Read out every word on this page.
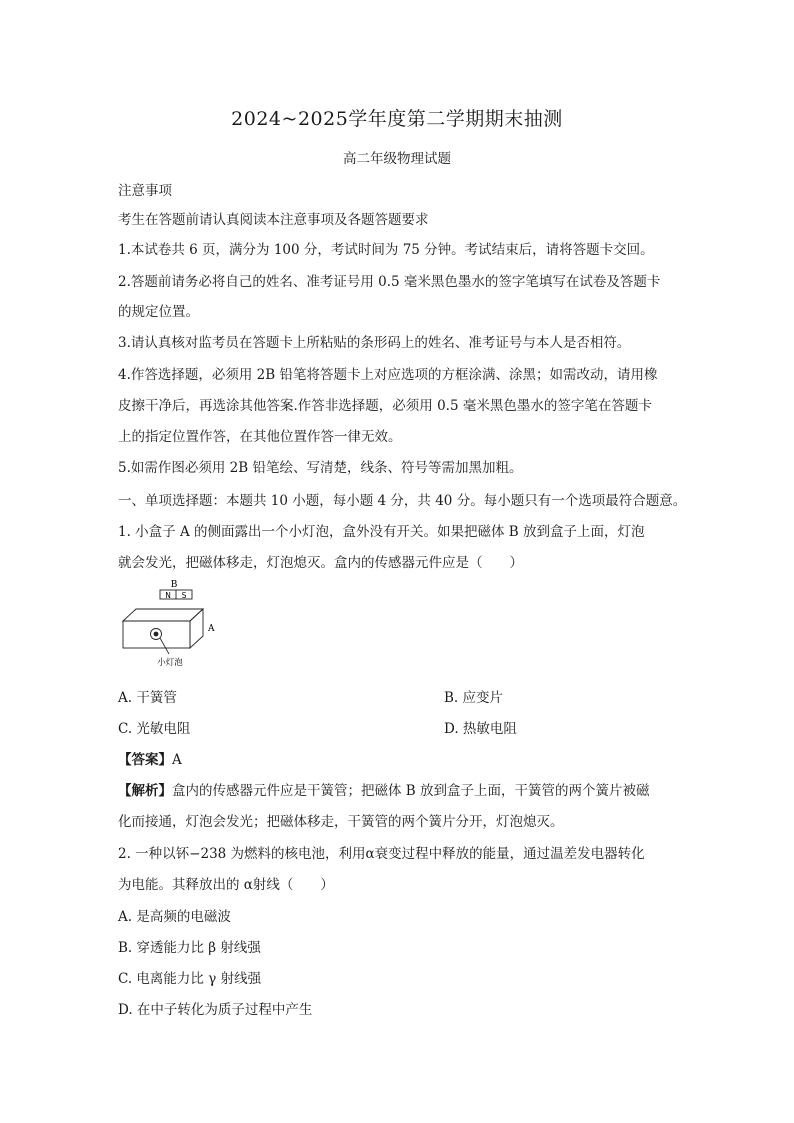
2024~2025学年度第二学期期末抽测
高二年级物理试题
注意事项
考生在答题前请认真阅读本注意事项及各题答题要求
1.本试卷共 6 页，满分为 100 分，考试时间为 75 分钟。考试结束后，请将答题卡交回。
2.答题前请务必将自己的姓名、准考证号用 0.5 毫米黑色墨水的签字笔填写在试卷及答题卡
的规定位置。
3.请认真核对监考员在答题卡上所粘贴的条形码上的姓名、准考证号与本人是否相符。
4.作答选择题，必须用 2B 铅笔将答题卡上对应选项的方框涂满、涂黑；如需改动，请用橡
皮擦干净后，再选涂其他答案.作答非选择题，必须用 0.5 毫米黑色墨水的签字笔在答题卡
上的指定位置作答，在其他位置作答一律无效。
5.如需作图必须用 2B 铅笔绘、写清楚，线条、符号等需加黑加粗。
一、单项选择题：本题共 10 小题，每小题 4 分，共 40 分。每小题只有一个选项最符合题意。
1. 小盒子 A 的侧面露出一个小灯泡，盒外没有开关。如果把磁体 B 放到盒子上面，灯泡
就会发光，把磁体移走，灯泡熄灭。盒内的传感器元件应是（　　）
B
N S
A
小灯泡
A. 干簧管	B. 应变片
C. 光敏电阻	D. 热敏电阻
【答案】A
【解析】盒内的传感器元件应是干簧管；把磁体 B 放到盒子上面，干簧管的两个簧片被磁
化而接通，灯泡会发光；把磁体移走，干簧管的两个簧片分开，灯泡熄灭。
2. 一种以钚−238 为燃料的核电池，利用α衰变过程中释放的能量，通过温差发电器转化
为电能。其释放出的 α射线（　　）
A. 是高频的电磁波
B. 穿透能力比 β 射线强
C. 电离能力比 γ 射线强
D. 在中子转化为质子过程中产生
